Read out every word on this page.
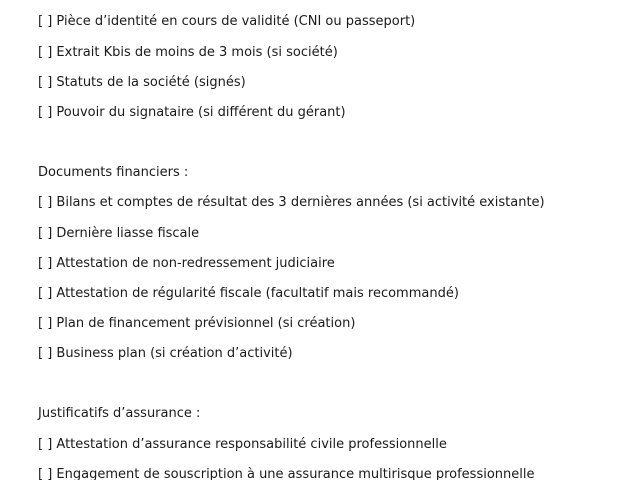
[ ] Pièce d’identité en cours de validité (CNI ou passeport)
[ ] Extrait Kbis de moins de 3 mois (si société)
[ ] Statuts de la société (signés)
[ ] Pouvoir du signataire (si différent du gérant)
Documents financiers :
[ ] Bilans et comptes de résultat des 3 dernières années (si activité existante)
[ ] Dernière liasse fiscale
[ ] Attestation de non-redressement judiciaire
[ ] Attestation de régularité fiscale (facultatif mais recommandé)
[ ] Plan de financement prévisionnel (si création)
[ ] Business plan (si création d’activité)
Justificatifs d’assurance :
[ ] Attestation d’assurance responsabilité civile professionnelle
[ ] Engagement de souscription à une assurance multirisque professionnelle
